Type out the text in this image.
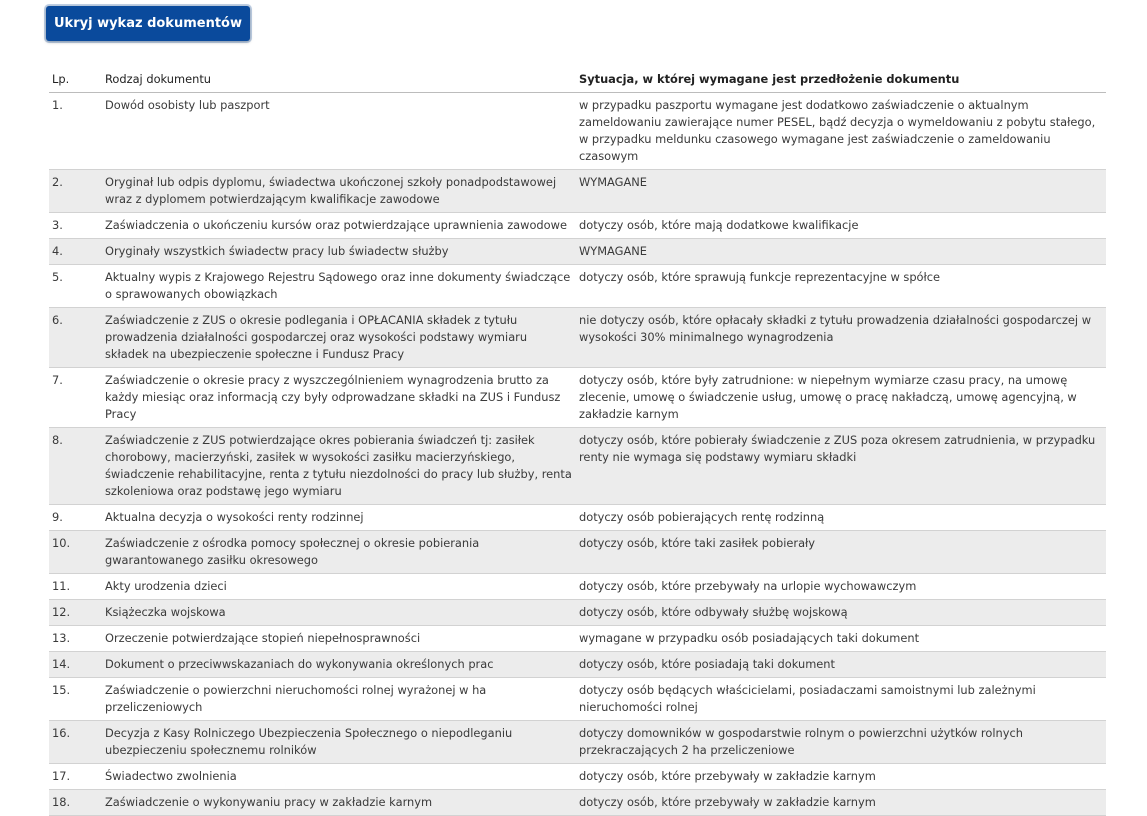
Ukryj wykaz dokumentów
Lp.	Rodzaj dokumentu	Sytuacja, w której wymagane jest przedłożenie dokumentu
1.	Dowód osobisty lub paszport	w przypadku paszportu wymagane jest dodatkowo zaświadczenie o aktualnym zameldowaniu zawierające numer PESEL, bądź decyzja o wymeldowaniu z pobytu stałego,
w przypadku meldunku czasowego wymagane jest zaświadczenie o zameldowaniu czasowym
2.	Oryginał lub odpis dyplomu, świadectwa ukończonej szkoły ponadpodstawowej wraz z dyplomem potwierdzającym kwalifikacje zawodowe	WYMAGANE
3.	Zaświadczenia o ukończeniu kursów oraz potwierdzające uprawnienia zawodowe	dotyczy osób, które mają dodatkowe kwalifikacje
4.	Oryginały wszystkich świadectw pracy lub świadectw służby	WYMAGANE
5.	Aktualny wypis z Krajowego Rejestru Sądowego oraz inne dokumenty świadczące o sprawowanych obowiązkach	dotyczy osób, które sprawują funkcje reprezentacyjne w spółce
6.	Zaświadczenie z ZUS o okresie podlegania i OPŁACANIA składek z tytułu prowadzenia działalności gospodarczej oraz wysokości podstawy wymiaru składek na ubezpieczenie społeczne i Fundusz Pracy	nie dotyczy osób, które opłacały składki z tytułu prowadzenia działalności gospodarczej w wysokości 30% minimalnego wynagrodzenia
7.	Zaświadczenie o okresie pracy z wyszczególnieniem wynagrodzenia brutto za każdy miesiąc oraz informacją czy były odprowadzane składki na ZUS i Fundusz Pracy	dotyczy osób, które były zatrudnione: w niepełnym wymiarze czasu pracy, na umowę zlecenie, umowę o świadczenie usług, umowę o pracę nakładczą, umowę agencyjną, w zakładzie karnym
8.	Zaświadczenie z ZUS potwierdzające okres pobierania świadczeń tj: zasiłek chorobowy, macierzyński, zasiłek w wysokości zasiłku macierzyńskiego, świadczenie rehabilitacyjne, renta z tytułu niezdolności do pracy lub służby, renta szkoleniowa oraz podstawę jego wymiaru	dotyczy osób, które pobierały świadczenie z ZUS poza okresem zatrudnienia, w przypadku renty nie wymaga się podstawy wymiaru składki
9.	Aktualna decyzja o wysokości renty rodzinnej	dotyczy osób pobierających rentę rodzinną
10.	Zaświadczenie z ośrodka pomocy społecznej o okresie pobierania gwarantowanego zasiłku okresowego	dotyczy osób, które taki zasiłek pobierały
11.	Akty urodzenia dzieci	dotyczy osób, które przebywały na urlopie wychowawczym
12.	Książeczka wojskowa	dotyczy osób, które odbywały służbę wojskową
13.	Orzeczenie potwierdzające stopień niepełnosprawności	wymagane w przypadku osób posiadających taki dokument
14.	Dokument o przeciwwskazaniach do wykonywania określonych prac	dotyczy osób, które posiadają taki dokument
15.	Zaświadczenie o powierzchni nieruchomości rolnej wyrażonej w ha przeliczeniowych	dotyczy osób będących właścicielami, posiadaczami samoistnymi lub zależnymi nieruchomości rolnej
16.	Decyzja z Kasy Rolniczego Ubezpieczenia Społecznego o niepodleganiu ubezpieczeniu społecznemu rolników	dotyczy domowników w gospodarstwie rolnym o powierzchni użytków rolnych przekraczających 2 ha przeliczeniowe
17.	Świadectwo zwolnienia	dotyczy osób, które przebywały w zakładzie karnym
18.	Zaświadczenie o wykonywaniu pracy w zakładzie karnym	dotyczy osób, które przebywały w zakładzie karnym
